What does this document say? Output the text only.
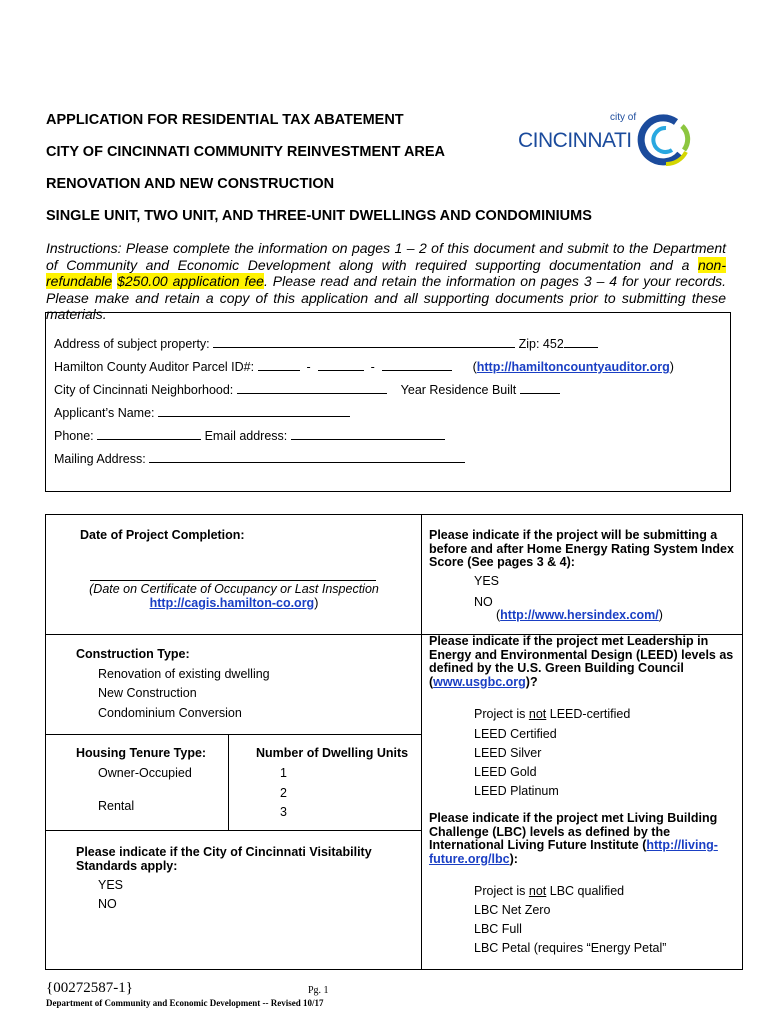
APPLICATION FOR RESIDENTIAL TAX ABATEMENT
CITY OF CINCINNATI COMMUNITY REINVESTMENT AREA
RENOVATION AND NEW CONSTRUCTION
SINGLE UNIT, TWO UNIT, AND THREE-UNIT DWELLINGS AND CONDOMINIUMS
city of
CINCINNATI
Instructions: Please complete the information on pages 1 – 2 of this document and submit to the Department of Community and Economic Development along with required supporting documentation and a non-refundable $250.00 application fee. Please read and retain the information on pages 3 – 4 for your records. Please make and retain a copy of this application and all supporting documents prior to submitting these materials.
Address of subject property:	Zip: 452
Hamilton County Auditor Parcel ID#:	-	-	(http://hamiltoncountyauditor.org)
City of Cincinnati Neighborhood:	Year Residence Built
Applicant’s Name:
Phone:	Email address:
Mailing Address:
Date of Project Completion:
(Date on Certificate of Occupancy or Last Inspection
http://cagis.hamilton-co.org)
Please indicate if the project will be submitting a before and after Home Energy Rating System Index Score (See pages 3 & 4):
YES
NO
(http://www.hersindex.com/)
Construction Type:
Renovation of existing dwelling
New Construction
Condominium Conversion
Please indicate if the project met Leadership in Energy and Environmental Design (LEED) levels as defined by the U.S. Green Building Council (www.usgbc.org)?
Project is not LEED-certified
LEED Certified
LEED Silver
LEED Gold
LEED Platinum
Housing Tenure Type:
Owner-Occupied
Rental
Number of Dwelling Units
1
2
3	Please indicate if the project met Living Building Challenge (LBC) levels as defined by the International Living Future Institute (http://living-future.org/lbc):
Project is not LBC qualified
LBC Net Zero
LBC Full
LBC Petal (requires “Energy Petal”
Please indicate if the City of Cincinnati Visitability Standards apply:
YES
NO
{00272587-1}	Pg. 1
Department of Community and Economic Development -- Revised 10/17
